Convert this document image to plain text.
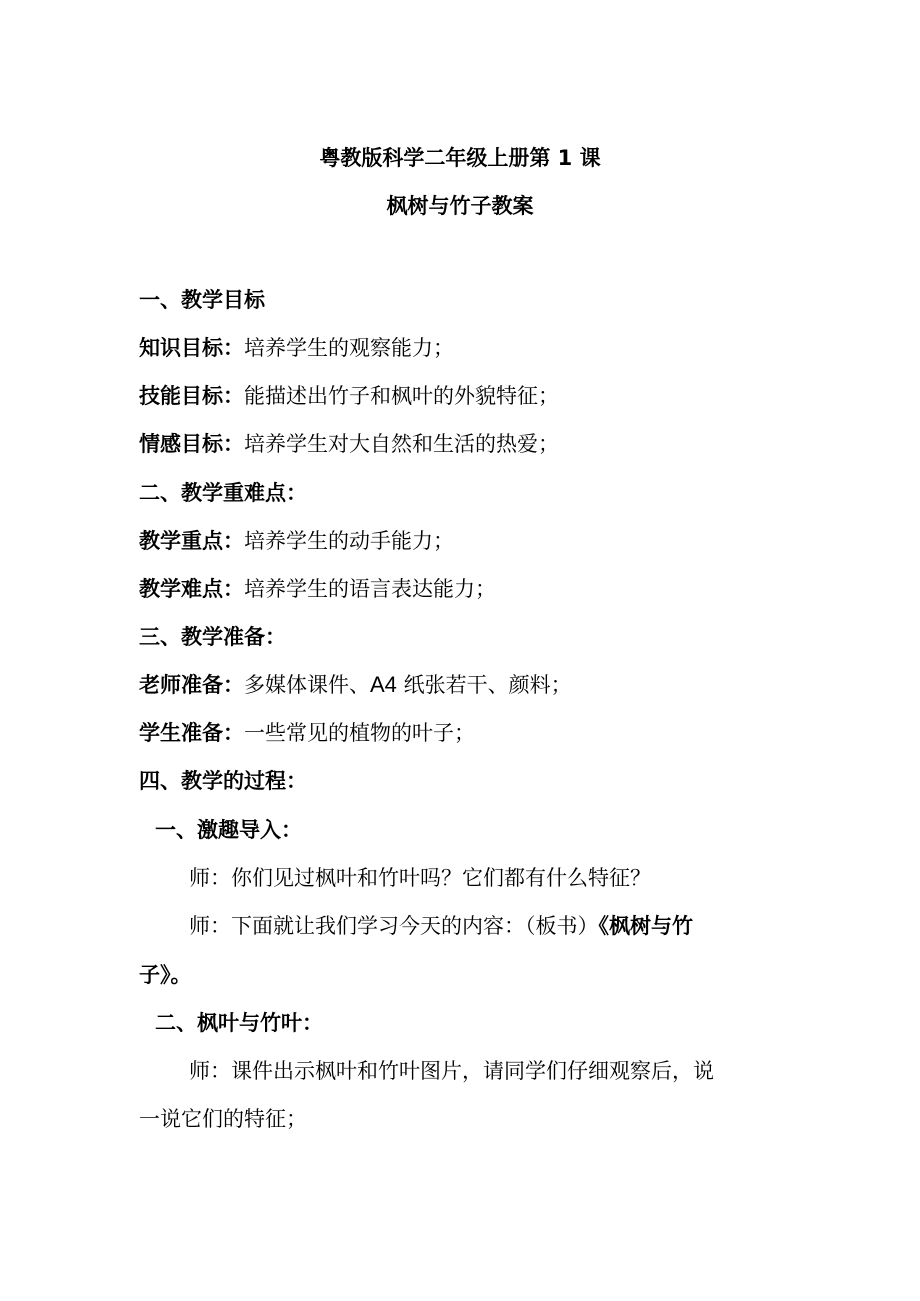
粤教版科学二年级上册第 1 课
枫树与竹子教案
一、教学目标
知识目标：培养学生的观察能力；
技能目标：能描述出竹子和枫叶的外貌特征；
情感目标：培养学生对大自然和生活的热爱；
二、教学重难点：
教学重点：培养学生的动手能力；
教学难点：培养学生的语言表达能力；
三、教学准备：
老师准备：多媒体课件、A4 纸张若干、颜料；
学生准备：一些常见的植物的叶子；
四、教学的过程：
一、激趣导入：
师：你们见过枫叶和竹叶吗？它们都有什么特征？
师：下面就让我们学习今天的内容：（板书）《枫树与竹
子》。
二、枫叶与竹叶：
师：课件出示枫叶和竹叶图片，请同学们仔细观察后，说
一说它们的特征；
